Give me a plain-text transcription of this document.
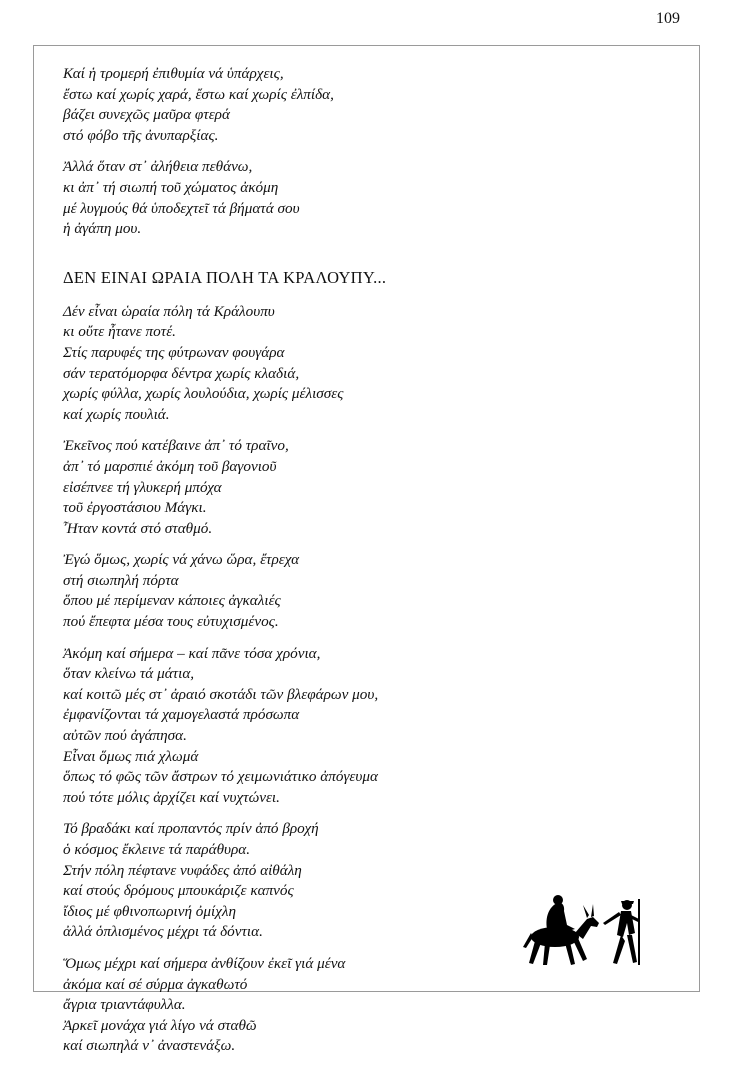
109
Καί ἡ τρομερή ἐπιθυμία νά ὑπάρχεις,
ἔστω καί χωρίς χαρά, ἔστω καί χωρίς ἐλπίδα,
βάζει συνεχῶς μαῦρα φτερά
στό φόβο τῆς ἀνυπαρξίας.
Ἀλλά ὅταν στ᾽ ἀλήθεια πεθάνω,
κι ἀπ᾽ τή σιωπή τοῦ χώματος ἀκόμη
μέ λυγμούς θά ὑποδεχτεῖ τά βήματά σου
ἡ ἀγάπη μου.
ΔΕΝ ΕΙΝΑΙ ΩΡΑΙΑ ΠΟΛΗ ΤΑ ΚΡΑΛΟΥΠΥ...
Δέν εἶναι ὡραία πόλη τά Κράλουπυ
κι οὔτε ἦτανε ποτέ.
Στίς παρυφές της φύτρωναν φουγάρα
σάν τερατόμορφα δέντρα χωρίς κλαδιά,
χωρίς φύλλα, χωρίς λουλούδια, χωρίς μέλισσες
καί χωρίς πουλιά.
Ἐκεῖνος πού κατέβαινε ἀπ᾽ τό τραῖνο,
ἀπ᾽ τό μαρσπιέ ἀκόμη τοῦ βαγονιοῦ
εἰσέπνεε τή γλυκερή μπόχα
τοῦ ἐργοστάσιου Μάγκι.
Ἦταν κοντά στό σταθμό.
Ἐγώ ὅμως, χωρίς νά χάνω ὥρα, ἔτρεχα
στή σιωπηλή πόρτα
ὅπου μέ περίμεναν κάποιες ἀγκαλιές
πού ἔπεφτα μέσα τους εὐτυχισμένος.
Ἀκόμη καί σήμερα – καί πᾶνε τόσα χρόνια,
ὅταν κλείνω τά μάτια,
καί κοιτῶ μές στ᾽ ἀραιό σκοτάδι τῶν βλεφάρων μου,
ἐμφανίζονται τά χαμογελαστά πρόσωπα
αὐτῶν πού ἀγάπησα.
Εἶναι ὅμως πιά χλωμά
ὅπως τό φῶς τῶν ἄστρων τό χειμωνιάτικο ἀπόγευμα
πού τότε μόλις ἀρχίζει καί νυχτώνει.
Τό βραδάκι καί προπαντός πρίν ἀπό βροχή
ὁ κόσμος ἔκλεινε τά παράθυρα.
Στήν πόλη πέφτανε νυφάδες ἀπό αἰθάλη
καί στούς δρόμους μπουκάριζε καπνός
ἴδιος μέ φθινοπωρινή ὀμίχλη
ἀλλά ὁπλισμένος μέχρι τά δόντια.
Ὅμως μέχρι καί σήμερα ἀνθίζουν ἐκεῖ γιά μένα
ἀκόμα καί σέ σύρμα ἀγκαθωτό
ἄγρια τριαντάφυλλα.
Ἀρκεῖ μονάχα γιά λίγο νά σταθῶ
καί σιωπηλά ν᾽ ἀναστενάξω.
